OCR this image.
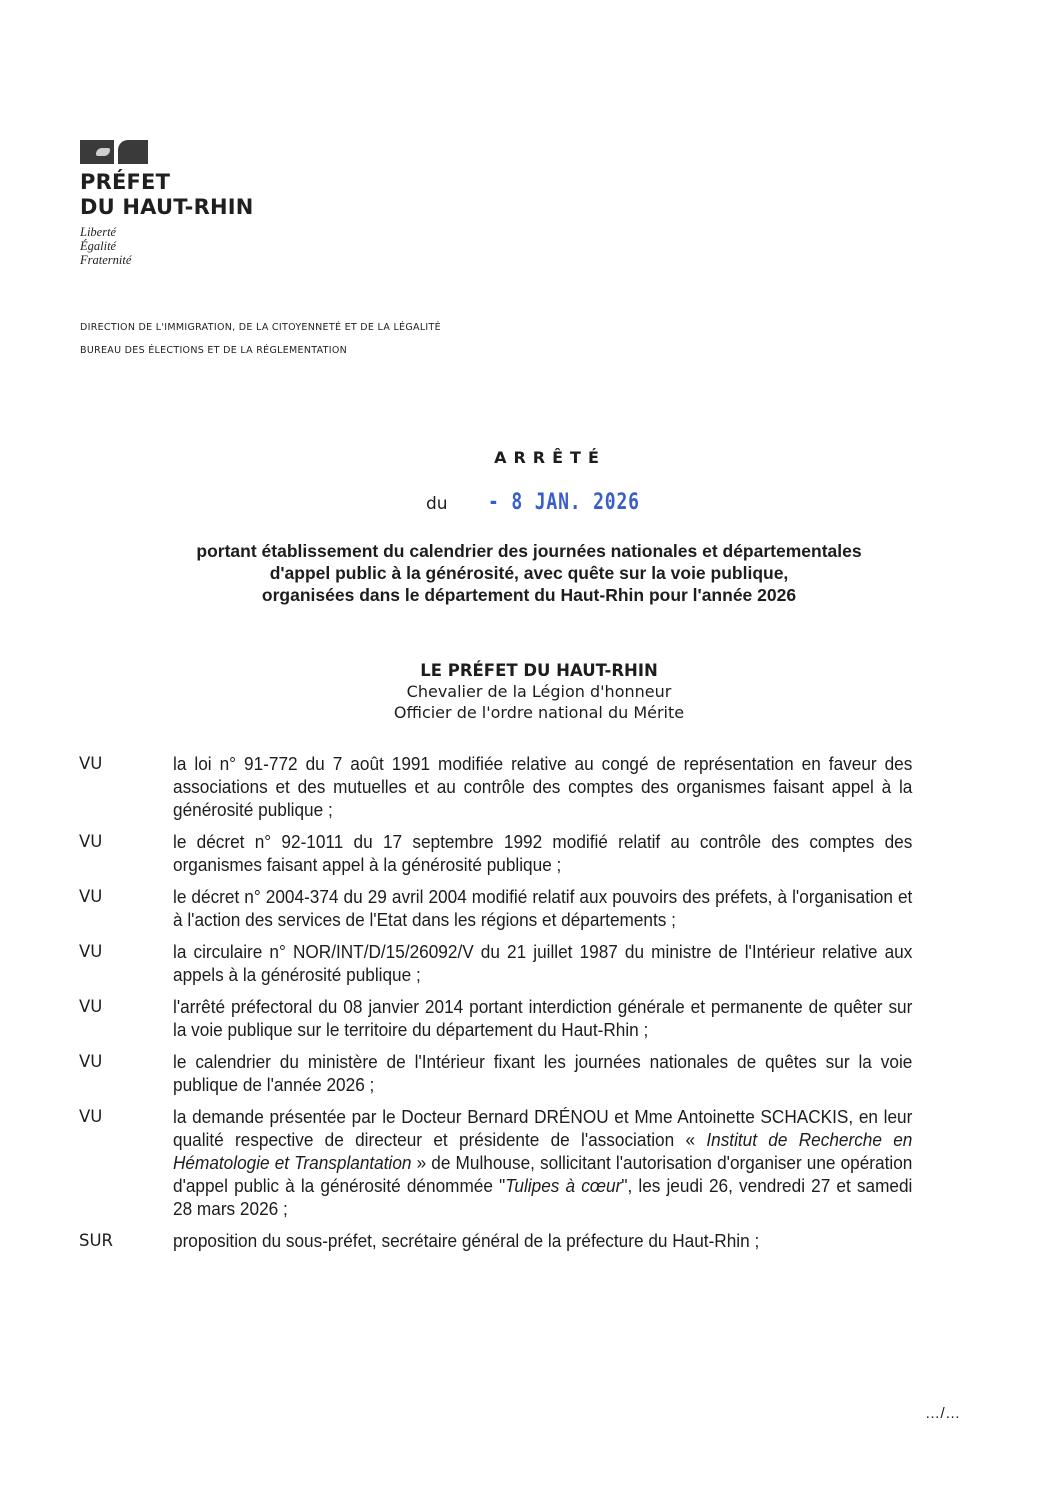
PRÉFET
DU HAUT-RHIN
Liberté
Égalité
Fraternité
DIRECTION DE L'IMMIGRATION, DE LA CITOYENNETÉ ET DE LA LÉGALITÉ
BUREAU DES ÉLECTIONS ET DE LA RÉGLEMENTATION
ARRÊTÉ
du - 8 JAN. 2026
portant établissement du calendrier des journées nationales et départementales
d'appel public à la générosité, avec quête sur la voie publique,
organisées dans le département du Haut-Rhin pour l'année 2026
LE PRÉFET DU HAUT-RHIN
Chevalier de la Légion d'honneur
Officier de l'ordre national du Mérite
VU	la loi n° 91-772 du 7 août 1991 modifiée relative au congé de représentation en faveur des associations et des mutuelles et au contrôle des comptes des organismes faisant appel à la générosité publique ;
VU	le décret n° 92-1011 du 17 septembre 1992 modifié relatif au contrôle des comptes des organismes faisant appel à la générosité publique ;
VU	le décret n° 2004-374 du 29 avril 2004 modifié relatif aux pouvoirs des préfets, à l'organisation et à l'action des services de l'Etat dans les régions et départements ;
VU	la circulaire n° NOR/INT/D/15/26092/V du 21 juillet 1987 du ministre de l'Intérieur relative aux appels à la générosité publique ;
VU	l'arrêté préfectoral du 08 janvier 2014 portant interdiction générale et permanente de quêter sur la voie publique sur le territoire du département du Haut-Rhin ;
VU	le calendrier du ministère de l'Intérieur fixant les journées nationales de quêtes sur la voie publique de l'année 2026 ;
VU	la demande présentée par le Docteur Bernard DRÉNOU et Mme Antoinette SCHACKIS, en leur qualité respective de directeur et présidente de l'association « Institut de Recherche en Hématologie et Transplantation » de Mulhouse, sollicitant l'autorisation d'organiser une opération d'appel public à la générosité dénommée "Tulipes à cœur", les jeudi 26, vendredi 27 et samedi 28 mars 2026 ;
SUR	proposition du sous-préfet, secrétaire général de la préfecture du Haut-Rhin ;
…/…
